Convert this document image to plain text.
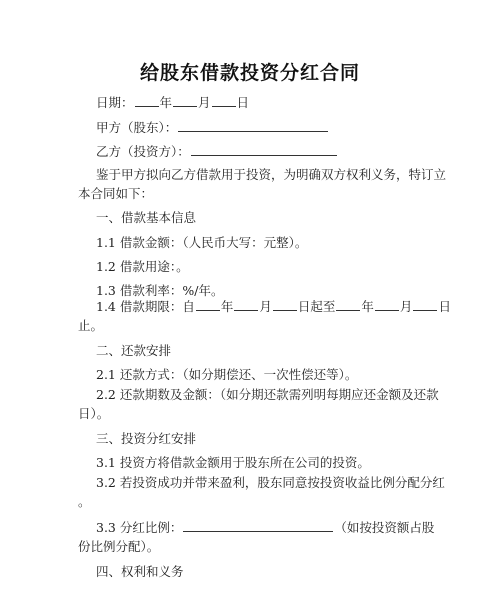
给股东借款投资分红合同
日期： 年 月 日
甲方（股东）：
乙方（投资方）：
鉴于甲方拟向乙方借款用于投资，为明确双方权利义务，特订立
本合同如下：
一、借款基本信息
1.1 借款金额：（人民币大写：元整）。
1.2 借款用途：。
1.3 借款利率：%/年。
1.4 借款期限：自 年 月 日起至 年 月 日
止。
二、还款安排
2.1 还款方式：（如分期偿还、一次性偿还等）。
2.2 还款期数及金额：（如分期还款需列明每期应还金额及还款
日）。
三、投资分红安排
3.1 投资方将借款金额用于股东所在公司的投资。
3.2 若投资成功并带来盈利，股东同意按投资收益比例分配分红
。
3.3 分红比例：	（如按投资额占股
份比例分配）。
四、权利和义务
